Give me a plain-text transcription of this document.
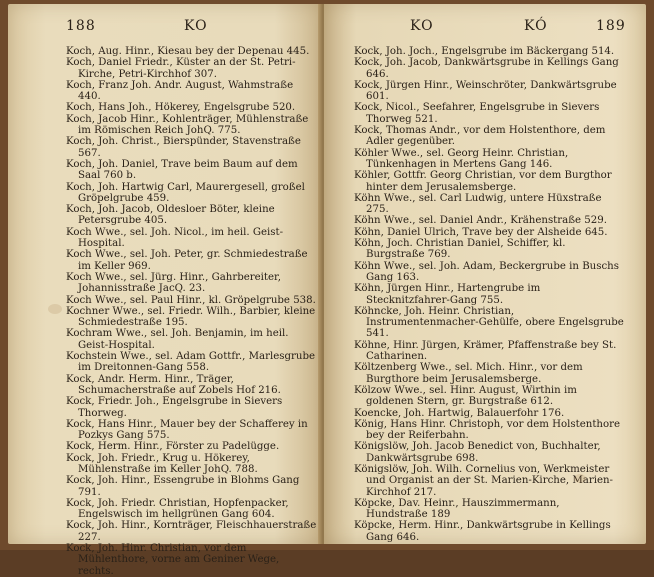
188	KO

Koch, Aug. Hinr., Kiesau bey der Depenau 445.

Koch, Daniel Friedr., Küster an der St. Petri-Kirche, Petri-Kirchhof 307.

Koch, Franz Joh. Andr. August, Wahmstraße 440.

Koch, Hans Joh., Hökerey, Engelsgrube 520.

Koch, Jacob Hinr., Kohlenträger, Mühlenstraße im Römischen Reich JohQ. 775.

Koch, Joh. Christ., Bierspünder, Stavenstraße 567.

Koch, Joh. Daniel, Trave beim Baum auf dem Saal 760 b.

Koch, Joh. Hartwig Carl, Maurergesell, großel Gröpelgrube 459.

Koch, Joh. Jacob, Oldesloer Böter, kleine Petersgrube 405.

Koch Wwe., sel. Joh. Nicol., im heil. Geist-Hospital.

Koch Wwe., sel. Joh. Peter, gr. Schmiedestraße im Keller 969.

Koch Wwe., sel. Jürg. Hinr., Gahrbereiter, Johannisstraße JacQ. 23.

Koch Wwe., sel. Paul Hinr., kl. Gröpelgrube 538.

Kochner Wwe., sel. Friedr. Wilh., Barbier, kleine Schmiedestraße 195.

Kochram Wwe., sel. Joh. Benjamin, im heil. Geist-Hospital.

Kochstein Wwe., sel. Adam Gottfr., Marlesgrube im Dreitonnen-Gang 558.

Kock, Andr. Herm. Hinr., Träger, Schumacherstraße auf Zobels Hof 216.

Kock, Friedr. Joh., Engelsgrube in Sievers Thorweg.

Kock, Hans Hinr., Mauer bey der Schafferey in Pozkys Gang 575.

Kock, Herm. Hinr., Förster zu Padelügge.

Kock, Joh. Friedr., Krug u. Hökerey, Mühlenstraße im Keller JohQ. 788.

Kock, Joh. Hinr., Essengrube in Blohms Gang 791.

Kock, Joh. Friedr. Christian, Hopfenpacker, Engelswisch im hellgrünen Gang 604.

Kock, Joh. Hinr., Kornträger, Fleischhauerstraße 227.

Kock, Joh. Hinr. Christian, vor dem Mühlenthore, vorne am Geniner Wege, rechts.

KO	KÓ	189

Kock, Joh. Joch., Engelsgrube im Bäckergang 514.

Kock, Joh. Jacob, Dankwärtsgrube in Kellings Gang 646.

Kock, Jürgen Hinr., Weinschröter, Dankwärtsgrube 601.

Kock, Nicol., Seefahrer, Engelsgrube in Sievers Thorweg 521.

Kock, Thomas Andr., vor dem Holstenthore, dem Adler gegenüber.

Köhler Wwe., sel. Georg Heinr. Christian, Tünkenhagen in Mertens Gang 146.

Köhler, Gottfr. Georg Christian, vor dem Burgthor hinter dem Jerusalemsberge.

Köhn Wwe., sel. Carl Ludwig, untere Hüxstraße 275.

Köhn Wwe., sel. Daniel Andr., Krähenstraße 529.

Köhn, Daniel Ulrich, Trave bey der Alsheide 645.

Köhn, Joch. Christian Daniel, Schiffer, kl. Burgstraße 769.

Köhn Wwe., sel. Joh. Adam, Beckergrube in Buschs Gang 163.

Köhn, Jürgen Hinr., Hartengrube im Stecknitzfahrer-Gang 755.

Köhncke, Joh. Heinr. Christian, Instrumentenmacher-Gehülfe, obere Engelsgrube 541.

Köhne, Hinr. Jürgen, Krämer, Pfaffenstraße bey St. Catharinen.

Költzenberg Wwe., sel. Mich. Hinr., vor dem Burgthore beim Jerusalemsberge.

Kölzow Wwe., sel. Hinr. August, Wirthin im goldenen Stern, gr. Burgstraße 612.

Koencke, Joh. Hartwig, Balauerfohr 176.

König, Hans Hinr. Christoph, vor dem Holstenthore bey der Reiferbahn.

Königslöw, Joh. Jacob Benedict von, Buchhalter, Dankwärtsgrube 698.

Königslöw, Joh. Wilh. Cornelius von, Werkmeister und Organist an der St. Marien-Kirche, Marien-Kirchhof 217.

Köpcke, Dav. Heinr., Hauszimmermann, Hundstraße 189

Köpcke, Herm. Hinr., Dankwärtsgrube in Kellings Gang 646.
